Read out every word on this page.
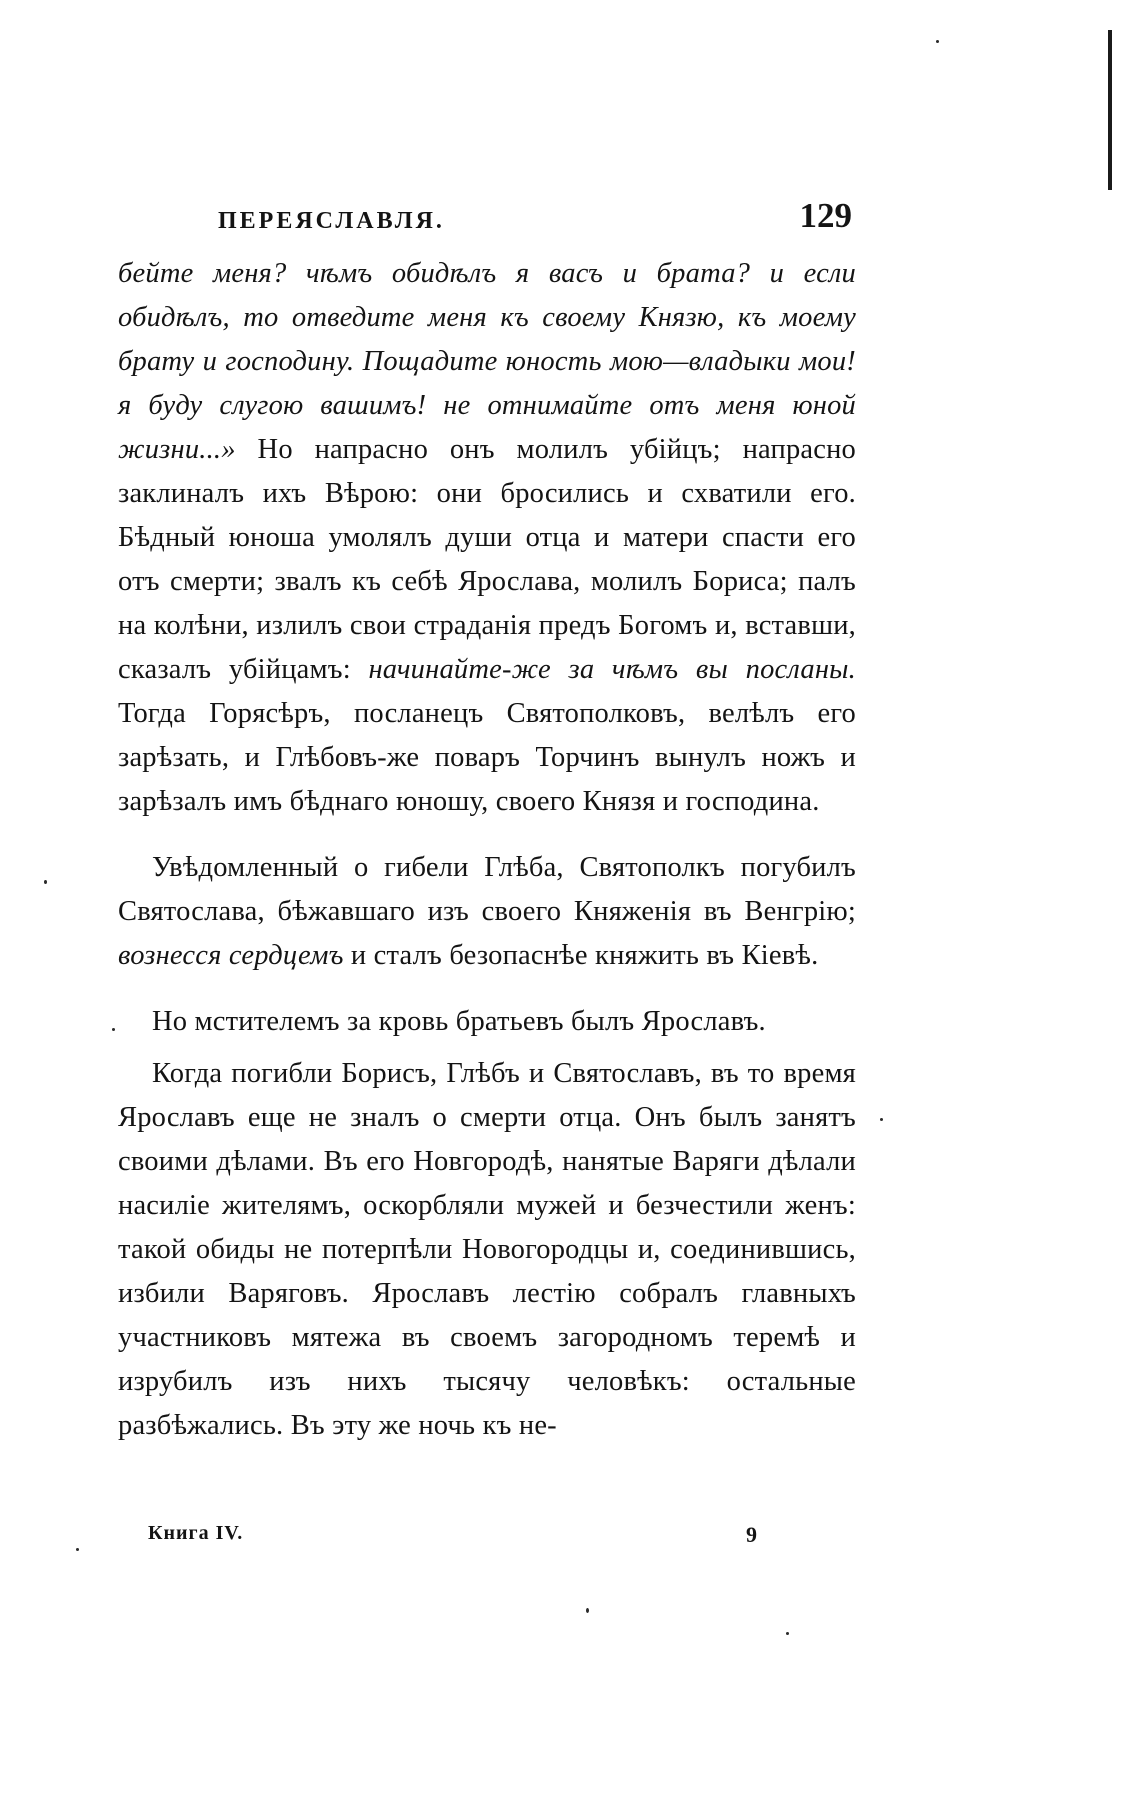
ПЕРЕЯСЛАВЛЯ.	129

бейте меня? чѣмъ обидѣлъ я васъ и брата? и если обидѣлъ, то отведите меня къ своему Князю, къ моему брату и господину. Пощадите юность мою—владыки мои! я буду слугою вашимъ! не отнимайте отъ меня юной жизни...» Но напрасно онъ молилъ убійцъ; напрасно заклиналъ ихъ Вѣрою: они бросились и схватили его. Бѣдный юноша умолялъ души отца и матери спасти его отъ смерти; звалъ къ себѣ Ярослава, молилъ Бориса; палъ на колѣни, излилъ свои страданія предъ Богомъ и, вставши, сказалъ убійцамъ: начинайте-же за чѣмъ вы посланы. Тогда Горясѣръ, посланецъ Святополковъ, велѣлъ его зарѣзать, и Глѣбовъ-же поваръ Торчинъ вынулъ ножъ и зарѣзалъ имъ бѣднаго юношу, своего Князя и господина.

Увѣдомленный о гибели Глѣба, Святополкъ погубилъ Святослава, бѣжавшаго изъ своего Княженія въ Венгрію; вознесся сердцемъ и сталъ безопаснѣе княжить въ Кіевѣ.

Но мстителемъ за кровь братьевъ былъ Ярославъ.

Когда погибли Борисъ, Глѣбъ и Святославъ, въ то время Ярославъ еще не зналъ о смерти отца. Онъ былъ занятъ своими дѣлами. Въ его Новгородѣ, нанятые Варяги дѣлали насиліе жителямъ, оскорбляли мужей и безчестили женъ: такой обиды не потерпѣли Новогородцы и, соединившись, избили Варяговъ. Ярославъ лестію собралъ главныхъ участниковъ мятежа въ своемъ загородномъ теремѣ и изрубилъ изъ нихъ тысячу человѣкъ: остальные разбѣжались. Въ эту же ночь къ не-

Книга IV.	9
